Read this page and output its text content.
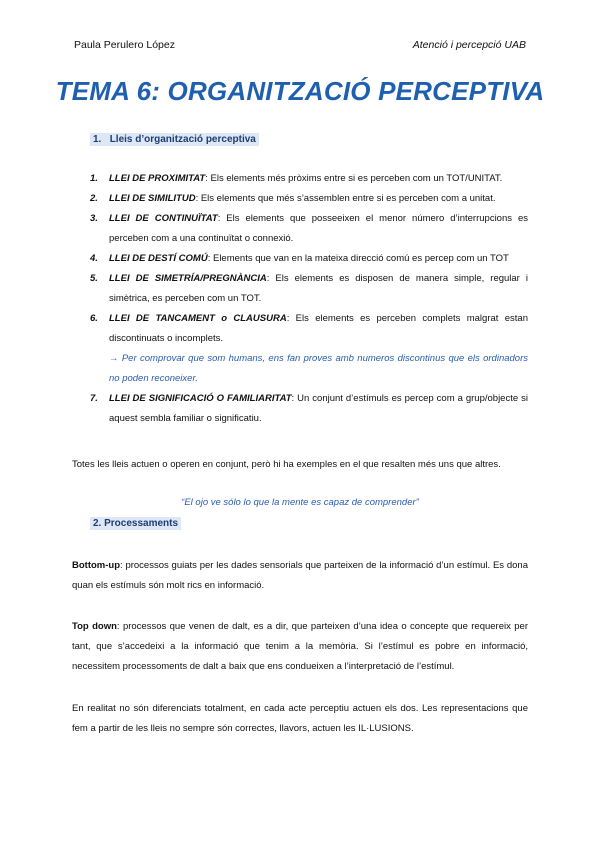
Paula Perulero López	Atenció i percepció UAB
TEMA 6: ORGANITZACIÓ PERCEPTIVA
1. Lleis d’organització perceptiva
1. LLEI DE PROXIMITAT: Els elements més pròxims entre si es perceben com un TOT/UNITAT.
2. LLEI DE SIMILITUD: Els elements que més s’assemblen entre si es perceben com a unitat.
3. LLEI DE CONTINUÏTAT: Els elements que posseeixen el menor número d’interrupcions es perceben com a una continuïtat o connexió.
4. LLEI DE DESTÍ COMÚ: Elements que van en la mateixa direcció comú es percep com un TOT
5. LLEI DE SIMETRÍA/PREGNÀNCIA: Els elements es disposen de manera simple, regular i simètrica, es perceben com un TOT.
6. LLEI DE TANCAMENT o CLAUSURA: Els elements es perceben complets malgrat estan discontinuats o incomplets.
→ Per comprovar que som humans, ens fan proves amb numeros discontinus que els ordinadors no poden reconeixer.
7. LLEI DE SIGNIFICACIÓ O FAMILIARITAT: Un conjunt d’estímuls es percep com a grup/objecte si aquest sembla familiar o significatiu.
Totes les lleis actuen o operen en conjunt, però hi ha exemples en el que resalten més uns que altres.
“El ojo ve sólo lo que la mente es capaz de comprender”
2. Processaments
Bottom-up: processos guiats per les dades sensorials que parteixen de la informació d’un estímul. Es dona quan els estímuls són molt rics en informació.
Top down: processos que venen de dalt, es a dir, que parteixen d’una idea o concepte que requereix per tant, que s’accedeixi a la informació que tenim a la memòria. Si l’estímul es pobre en informació, necessitem processoments de dalt a baix que ens condueixen a l’interpretació de l’estímul.
En realitat no són diferenciats totalment, en cada acte perceptiu actuen els dos. Les representacions que fem a partir de les lleis no sempre són correctes, llavors, actuen les IL·LUSIONS.
